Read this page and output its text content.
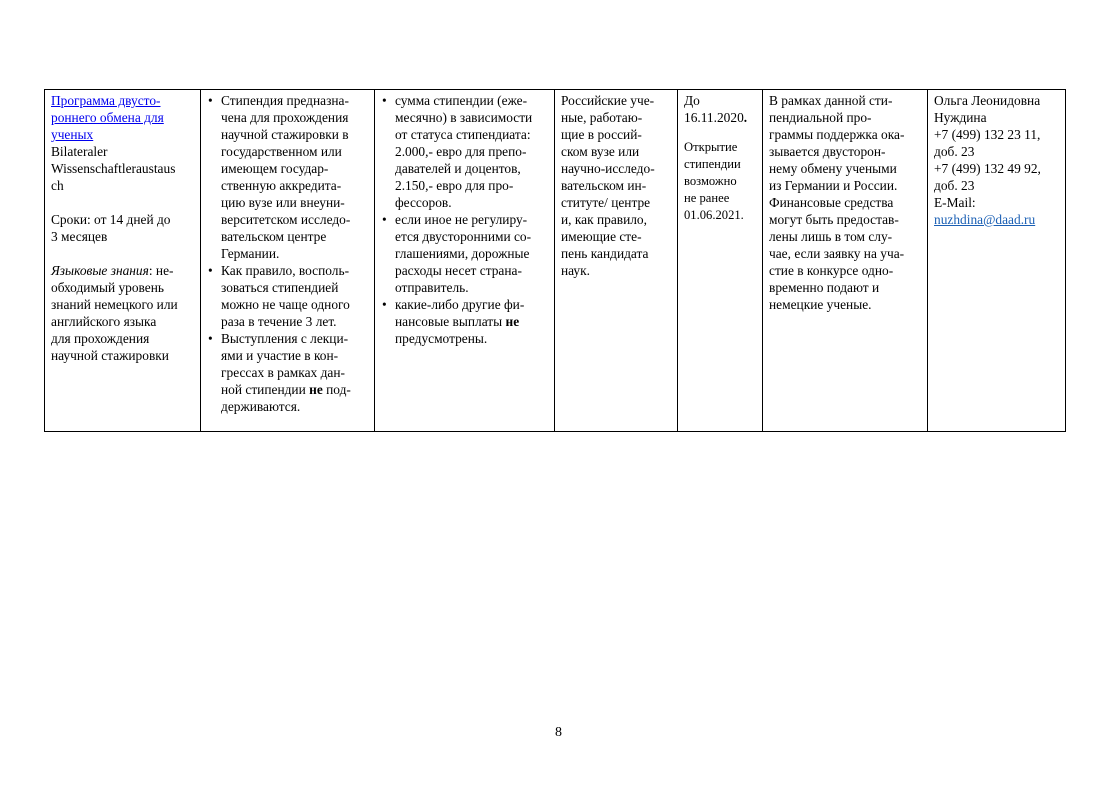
Программа двусто-
роннего обмена для
ученых
Bilateraler
Wissenschaftleraustaus
ch
Сроки: от 14 дней до
3 месяцев
Языковые знания: не-
обходимый уровень
знаний немецкого или
английского языка
для прохождения
научной стажировки

• Стипендия предназна-
чена для прохождения
научной стажировки в
государственном или
имеющем государ-
ственную аккредита-
цию вузе или внеуни-
верситетском исследо-
вательском центре
Германии.
• Как правило, восполь-
зоваться стипендией
можно не чаще одного
раза в течение 3 лет.
• Выступления с лекци-
ями и участие в кон-
грессах в рамках дан-
ной стипендии не под-
держиваются.

• сумма стипендии (еже-
месячно) в зависимости
от статуса стипендиата:
2.000,- евро для препо-
давателей и доцентов,
2.150,- евро для про-
фессоров.
• если иное не регулиру-
ется двусторонними со-
глашениями, дорожные
расходы несет страна-
отправитель.
• какие-либо другие фи-
нансовые выплаты не
предусмотрены.

Российские уче-
ные, работаю-
щие в россий-
ском вузе или
научно-исследо-
вательском ин-
ституте/ центре
и, как правило,
имеющие сте-
пень кандидата
наук.

До
16.11.2020.
Открытие
стипендии
возможно
не ранее
01.06.2021.

В рамках данной сти-
пендиальной про-
граммы поддержка ока-
зывается двусторон-
нему обмену учеными
из Германии и России.
Финансовые средства
могут быть предостав-
лены лишь в том слу-
чае, если заявку на уча-
стие в конкурсе одно-
временно подают и
немецкие ученые.

Ольга Леонидовна
Нуждина
+7 (499) 132 23 11,
доб. 23
+7 (499) 132 49 92,
доб. 23
E-Mail:
nuzhdina@daad.ru
8
